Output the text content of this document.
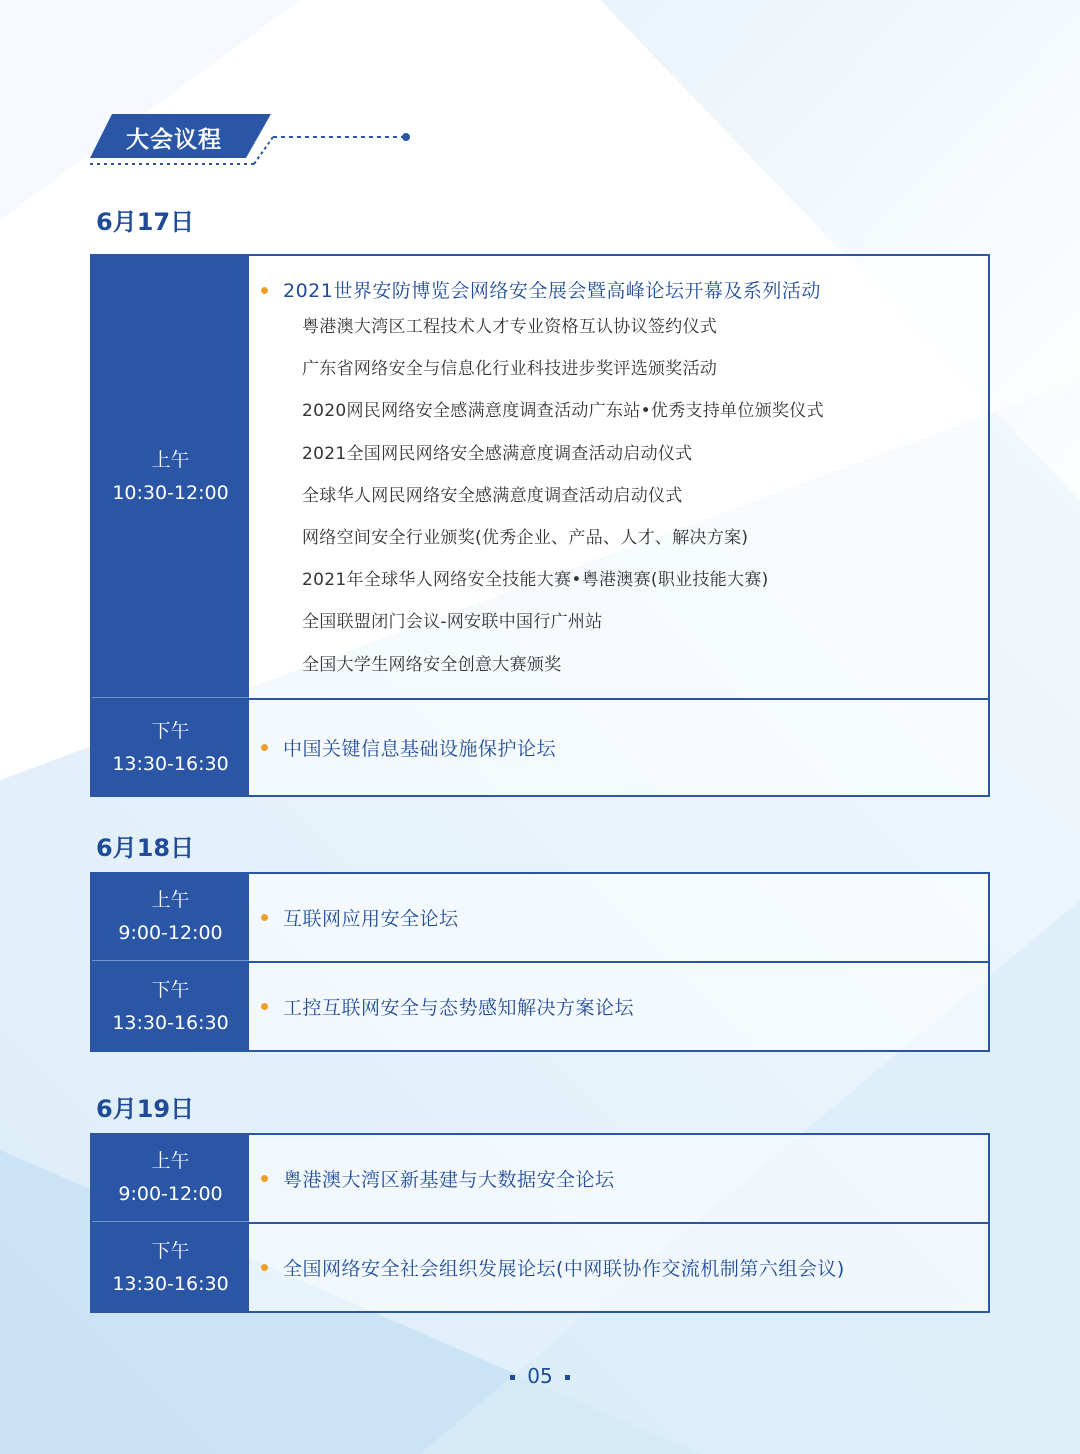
大会议程
6月17日
上午
10:30-12:00
2021世界安防博览会网络安全展会暨高峰论坛开幕及系列活动
粤港澳大湾区工程技术人才专业资格互认协议签约仪式
广东省网络安全与信息化行业科技进步奖评选颁奖活动
2020网民网络安全感满意度调查活动广东站•优秀支持单位颁奖仪式
2021全国网民网络安全感满意度调查活动启动仪式
全球华人网民网络安全感满意度调查活动启动仪式
网络空间安全行业颁奖(优秀企业、产品、人才、解决方案)
2021年全球华人网络安全技能大赛•粤港澳赛(职业技能大赛)
全国联盟闭门会议-网安联中国行广州站
全国大学生网络安全创意大赛颁奖
下午
13:30-16:30
中国关键信息基础设施保护论坛
6月18日
上午
9:00-12:00
互联网应用安全论坛
下午
13:30-16:30
工控互联网安全与态势感知解决方案论坛
6月19日
上午
9:00-12:00
粤港澳大湾区新基建与大数据安全论坛
下午
13:30-16:30
全国网络安全社会组织发展论坛(中网联协作交流机制第六组会议)
05
